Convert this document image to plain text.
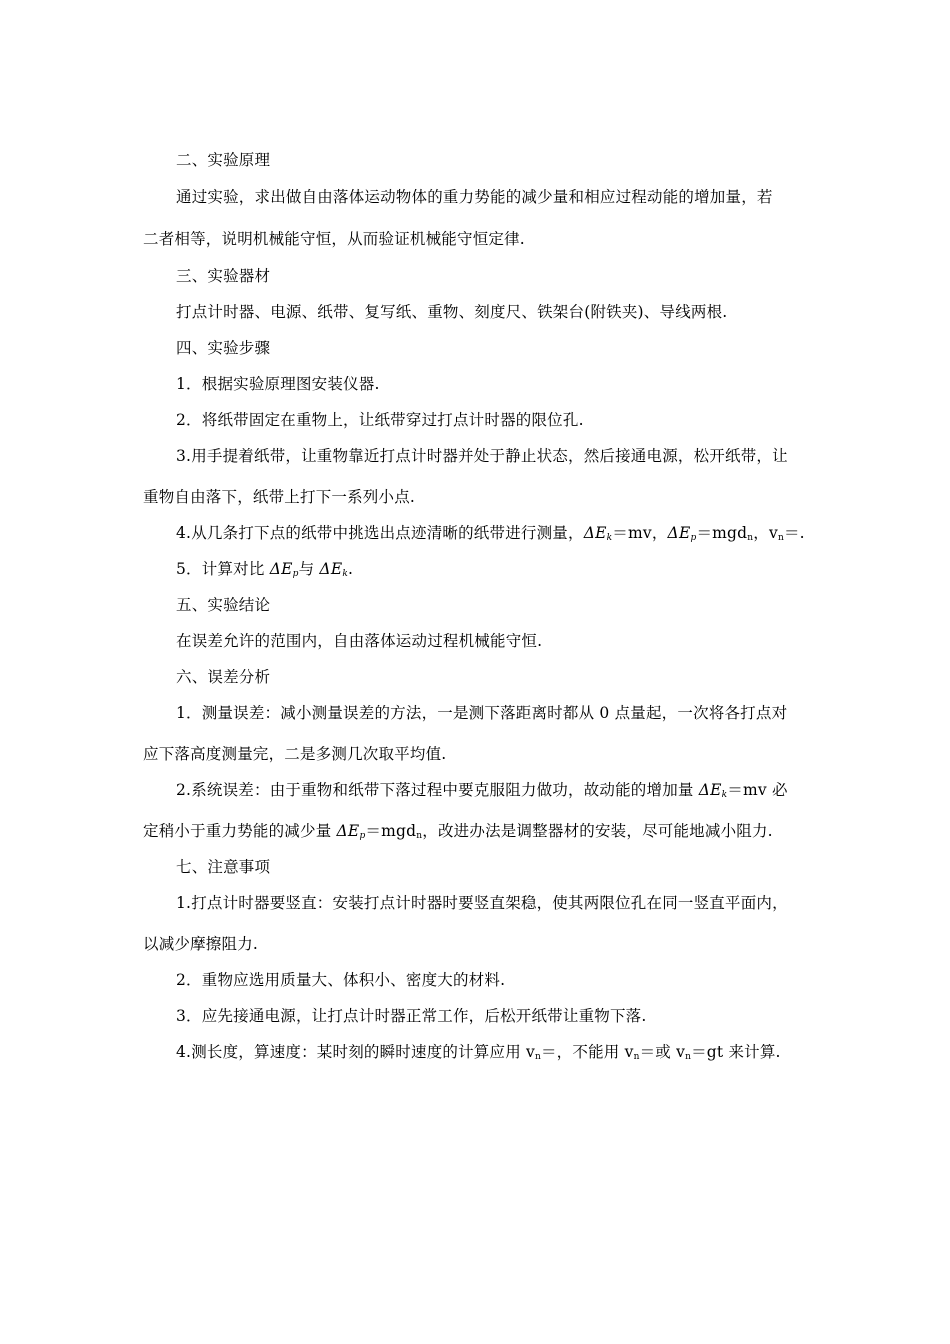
二、实验原理
通过实验，求出做自由落体运动物体的重力势能的减少量和相应过程动能的增加量，若
二者相等，说明机械能守恒，从而验证机械能守恒定律.
三、实验器材
打点计时器、电源、纸带、复写纸、重物、刻度尺、铁架台(附铁夹)、导线两根.
四、实验步骤
1．根据实验原理图安装仪器.
2．将纸带固定在重物上，让纸带穿过打点计时器的限位孔.
3.用手提着纸带，让重物靠近打点计时器并处于静止状态，然后接通电源，松开纸带，让
重物自由落下，纸带上打下一系列小点.
4.从几条打下点的纸带中挑选出点迹清晰的纸带进行测量，$\Delta E_k=mv$，$\Delta E_p=mgd_n$，$v_n=$.
5．计算对比 $\Delta E_p$与 $\Delta E_k$.
五、实验结论
在误差允许的范围内，自由落体运动过程机械能守恒.
六、误差分析
1．测量误差：减小测量误差的方法，一是测下落距离时都从 0 点量起，一次将各打点对
应下落高度测量完，二是多测几次取平均值.
2.系统误差：由于重物和纸带下落过程中要克服阻力做功，故动能的增加量 $\Delta E_k=mv$ 必
定稍小于重力势能的减少量 $\Delta E_p=mgd_n$，改进办法是调整器材的安装，尽可能地减小阻力.
七、注意事项
1.打点计时器要竖直：安装打点计时器时要竖直架稳，使其两限位孔在同一竖直平面内，
以减少摩擦阻力.
2．重物应选用质量大、体积小、密度大的材料.
3．应先接通电源，让打点计时器正常工作，后松开纸带让重物下落.
4.测长度，算速度：某时刻的瞬时速度的计算应用 $v_n=$，不能用 $v_n=$或 $v_n=gt$ 来计算.
